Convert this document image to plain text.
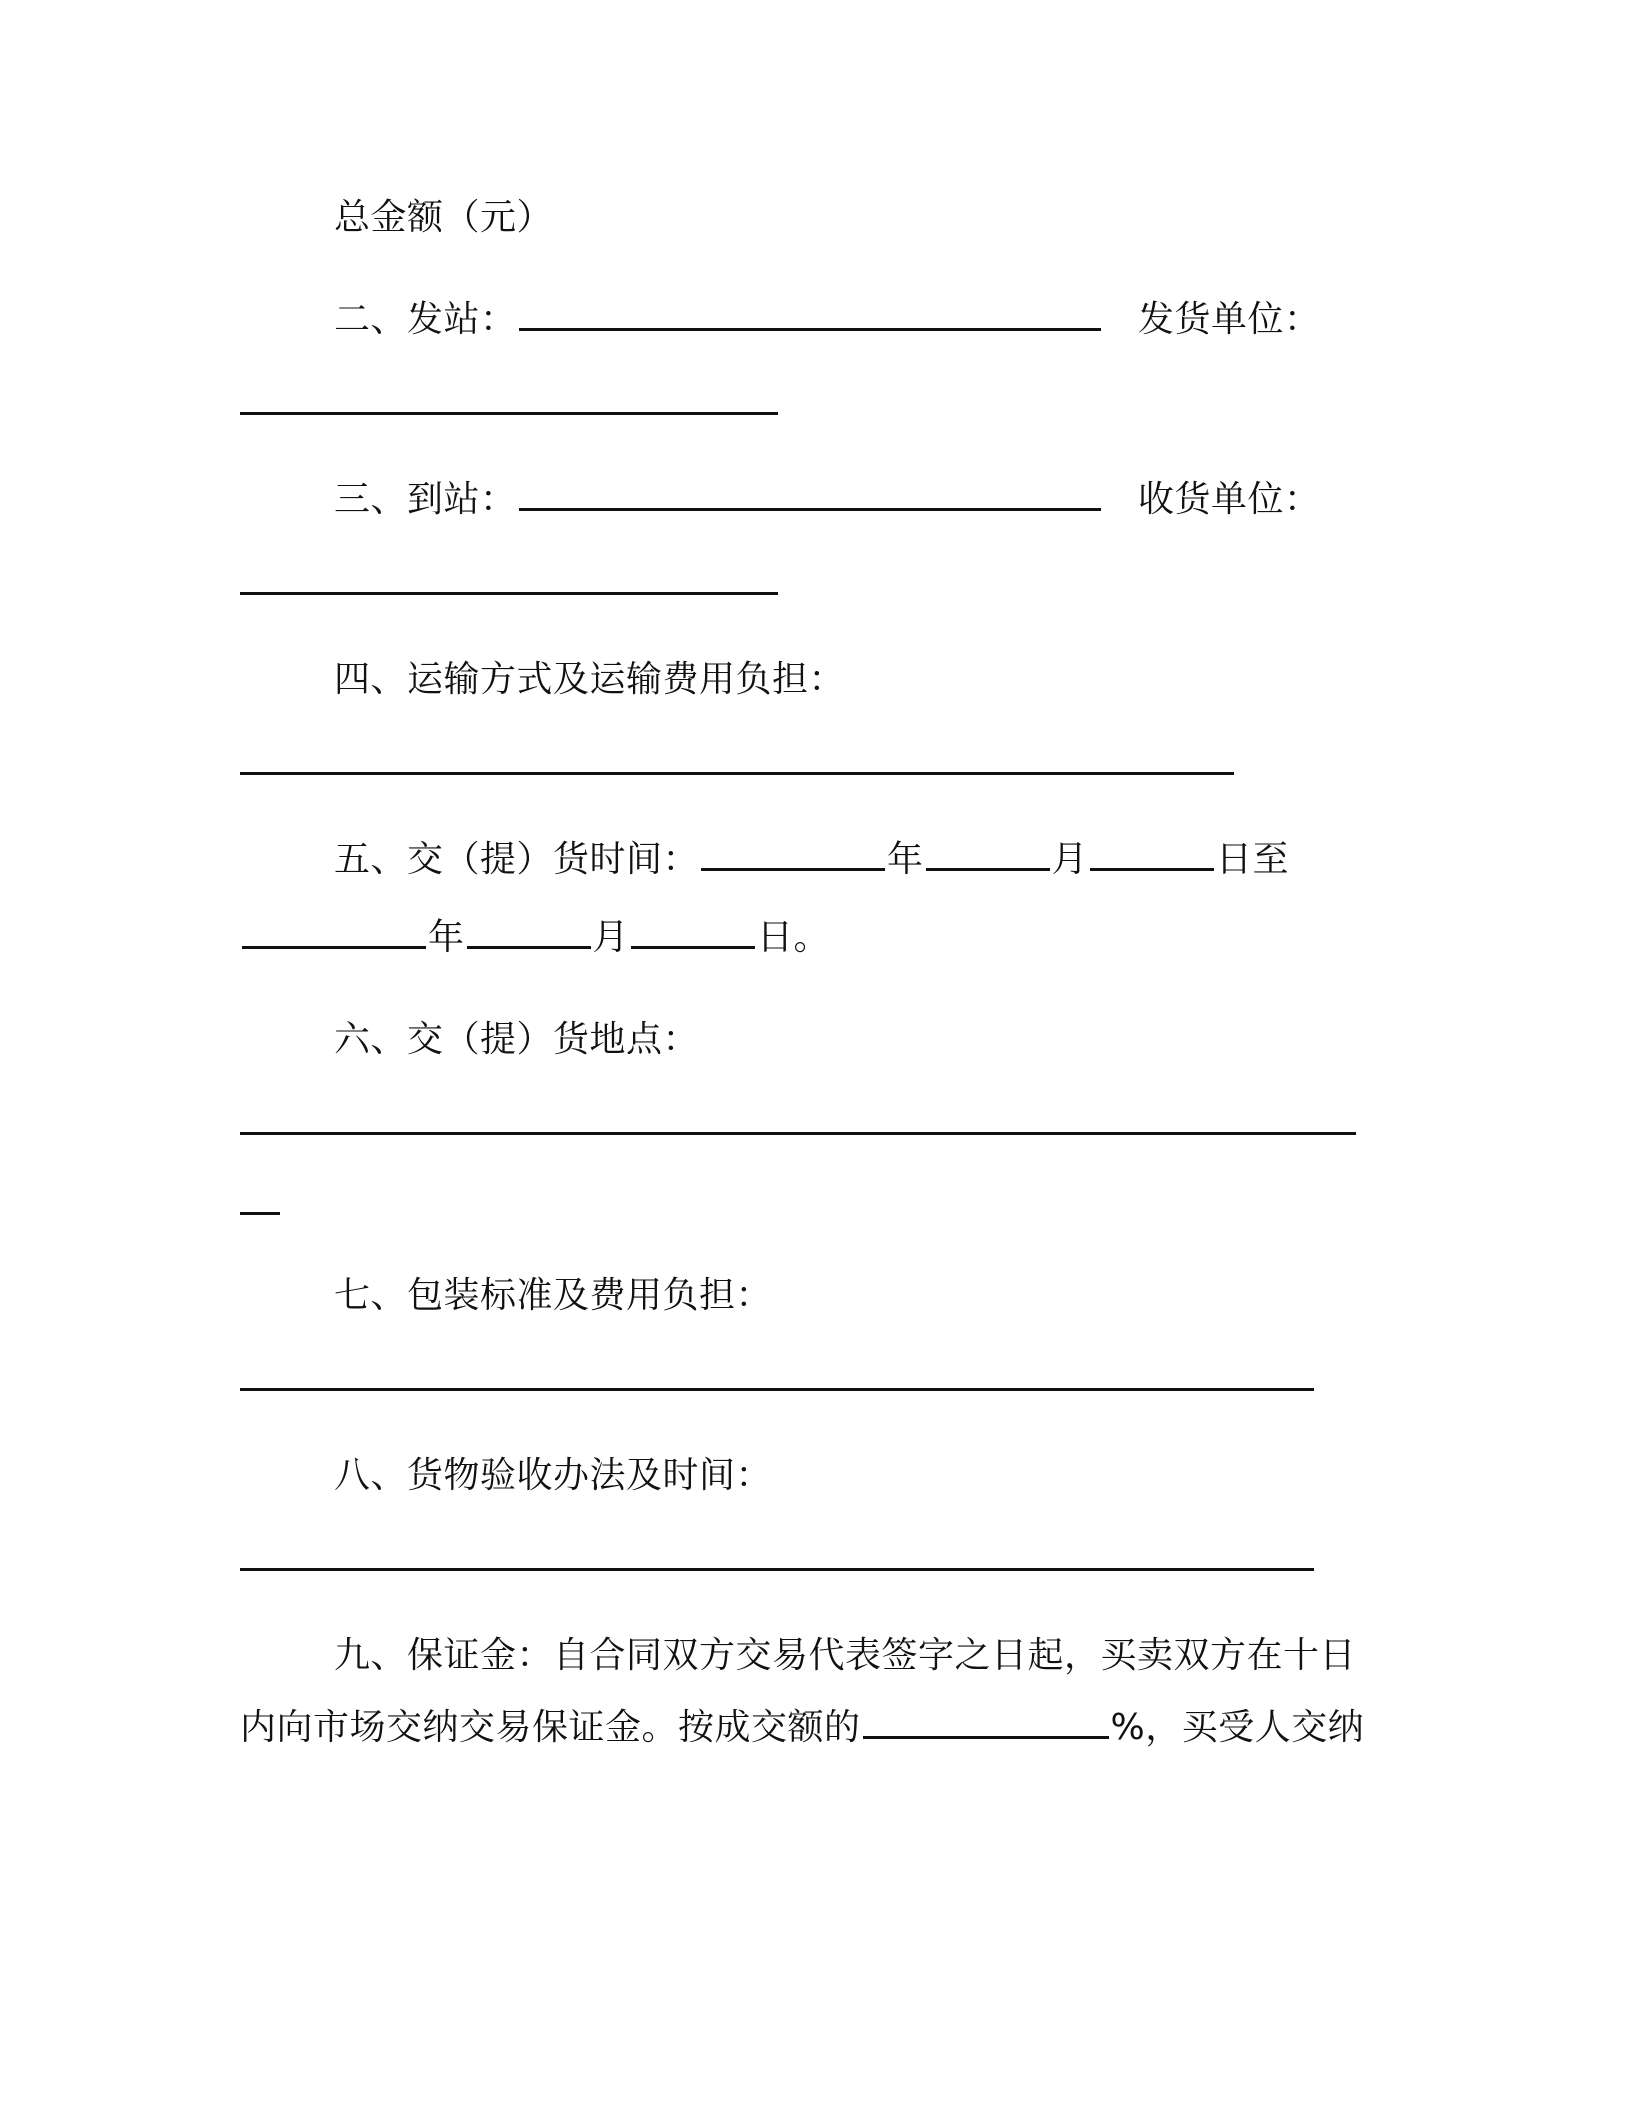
总金额（元）
二、发站：	发货单位：
三、到站：	收货单位：
四、运输方式及运输费用负担：
五、交（提）货时间：	年	月	日至
年	月	日。
六、交（提）货地点：
七、包装标准及费用负担：
八、货物验收办法及时间：
九、保证金：自合同双方交易代表签字之日起，买卖双方在十日
内向市场交纳交易保证金。按成交额的	%，买受人交纳
